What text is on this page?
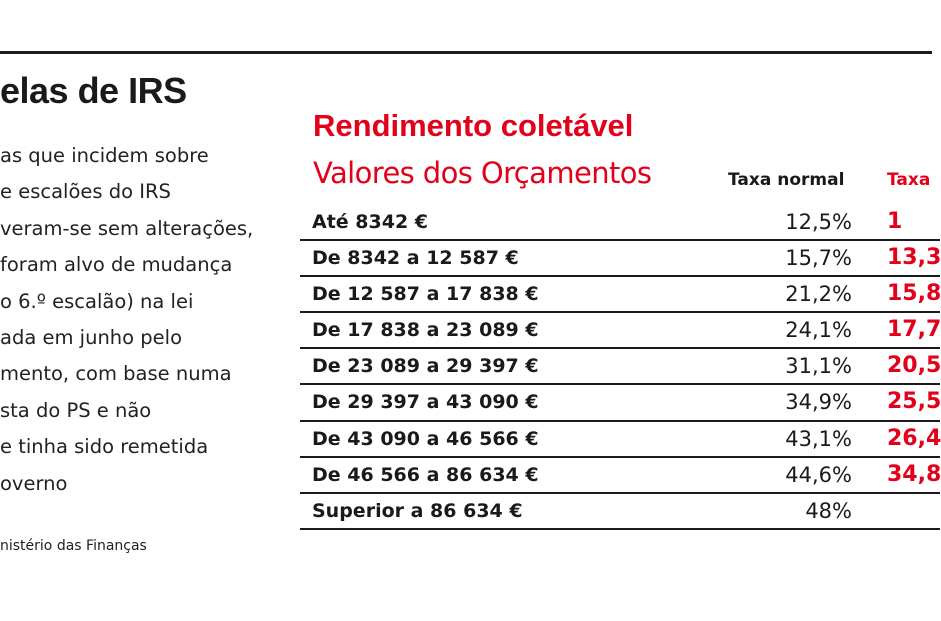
elas de IRS
as que incidem sobre
e escalões do IRS
veram-se sem alterações,
foram alvo de mudança
o 6.º escalão) na lei
ada em junho pelo
mento, com base numa
sta do PS e não
e tinha sido remetida
overno
nistério das Finanças
Rendimento coletável
Valores dos Orçamentos	Taxa normal	Taxa
Até 8342 €	12,5% 1
De 8342 a 12 587 €	15,7% 13,3
De 12 587 a 17 838 €	21,2% 15,8
De 17 838 a 23 089 €	24,1% 17,7
De 23 089 a 29 397 €	31,1% 20,5
De 29 397 a 43 090 €	34,9% 25,5
De 43 090 a 46 566 €	43,1% 26,4
De 46 566 a 86 634 €	44,6% 34,8
Superior a 86 634 €	48%
